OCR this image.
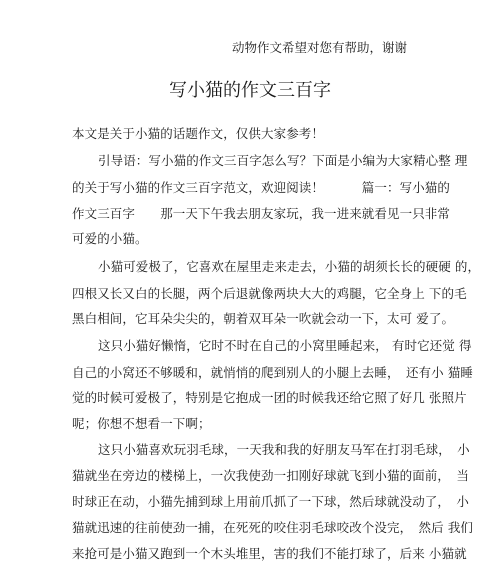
动物作文希望对您有帮助，谢谢
写小猫的作文三百字
本文是关于小猫的话题作文，仅供大家参考！
引导语：写小猫的作文三百字怎么写？下面是小编为大家精心整 理
的关于写小猫的作文三百字范文，欢迎阅读！　　　篇一：写小猫的
作文三百字　　那一天下午我去朋友家玩，我一进来就看见一只非常
可爱的小猫。
小猫可爱极了，它喜欢在屋里走来走去，小猫的胡须长长的硬硬 的，
四根又长又白的长腿，两个后退就像两块大大的鸡腿，它全身上 下的毛
黑白相间，它耳朵尖尖的，朝着双耳朵一吹就会动一下，太可 爱了。
这只小猫好懒惰，它时不时在自己的小窝里睡起来， 有时它还觉 得
自己的小窝还不够暖和，就悄悄的爬到别人的小腿上去睡，　还有小 猫睡
觉的时候可爱极了，特别是它抱成一团的时候我还给它照了好几 张照片
呢；你想不想看一下啊；
这只小猫喜欢玩羽毛球，一天我和我的好朋友马军在打羽毛球，　小
猫就坐在旁边的楼梯上，一次我使劲一扣刚好球就飞到小猫的面前，　当
时球正在动，小猫先捕到球上用前爪抓了一下球，然后球就没动了，　小
猫就迅速的往前使劲一捕，在死死的咬住羽毛球咬改个没完，　然后 我们
来抢可是小猫又跑到一个木头堆里，害的我们不能打球了，后来 小猫就
